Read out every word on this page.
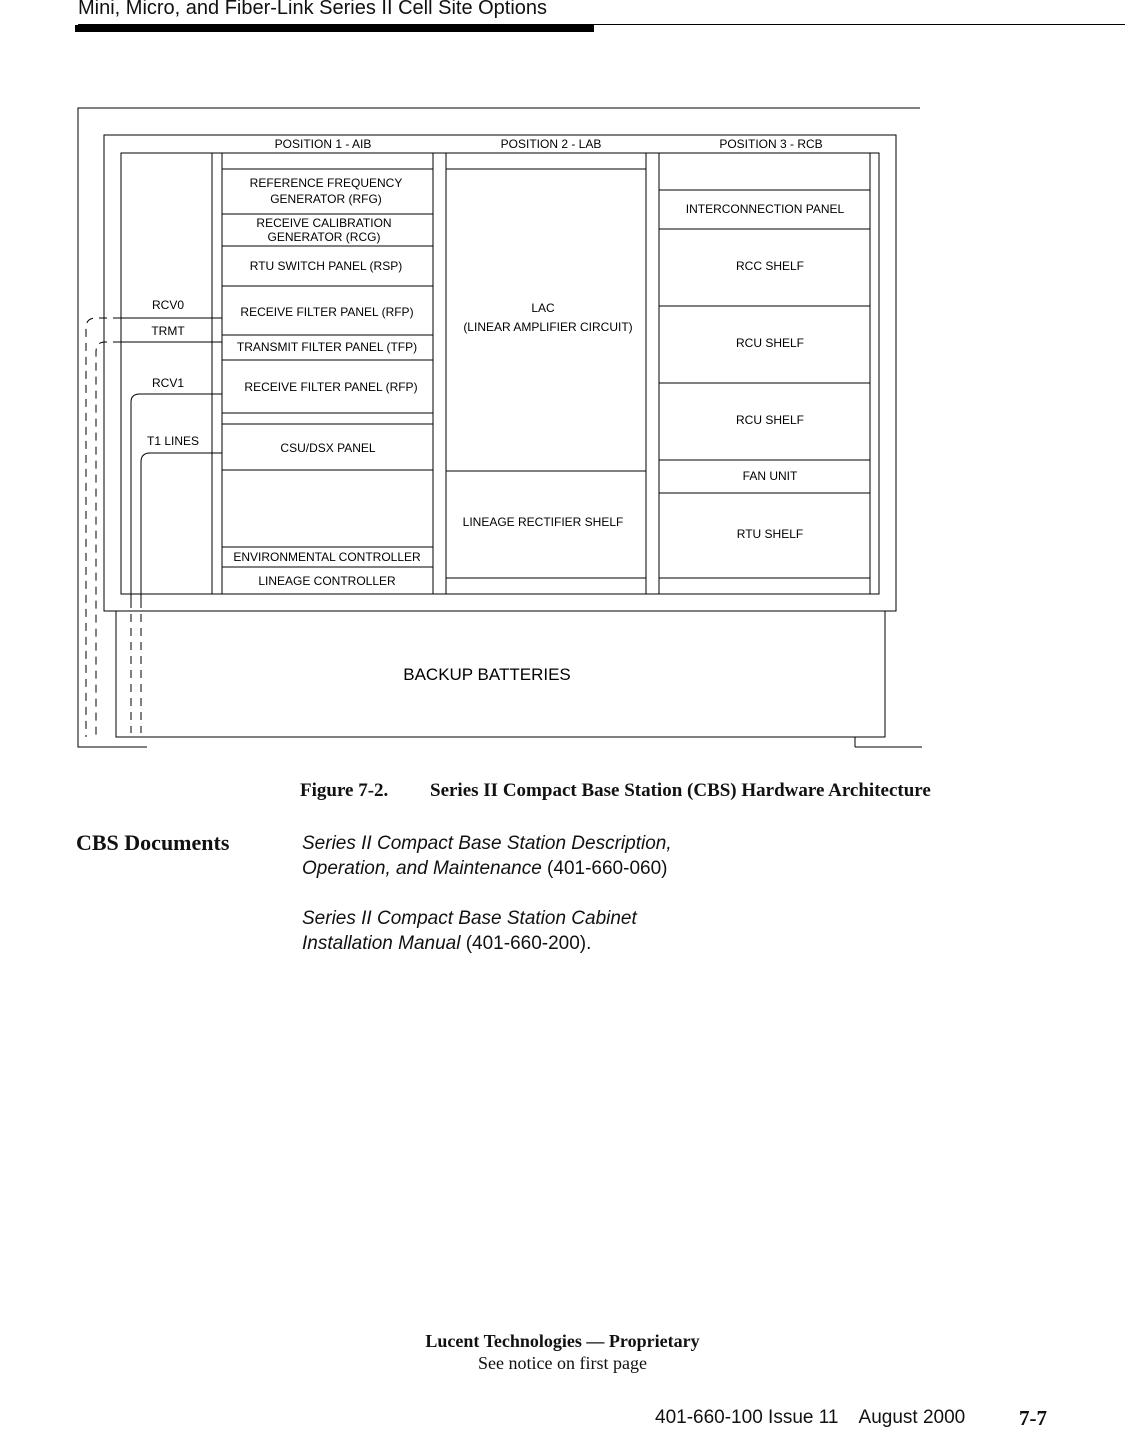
Mini, Micro, and Fiber-Link Series II Cell Site Options
POSITION 1 - AIB	POSITION 2 - LAB	POSITION 3 - RCB
RCV0
TRMT
RCV1
T1 LINES
REFERENCE FREQUENCY
GENERATOR (RFG)
RECEIVE CALIBRATION
GENERATOR (RCG)
RTU SWITCH PANEL (RSP)
RECEIVE FILTER PANEL (RFP)
TRANSMIT FILTER PANEL (TFP)
RECEIVE FILTER PANEL (RFP)
CSU/DSX PANEL
ENVIRONMENTAL CONTROLLER
LINEAGE CONTROLLER
LAC
(LINEAR AMPLIFIER CIRCUIT)
LINEAGE RECTIFIER SHELF
INTERCONNECTION PANEL
RCC SHELF
RCU SHELF
RCU SHELF
FAN UNIT
RTU SHELF
BACKUP BATTERIES
Figure 7-2. Series II Compact Base Station (CBS) Hardware Architecture
CBS Documents	Series II Compact Base Station Description,
Operation, and Maintenance (401-660-060)
Series II Compact Base Station Cabinet
Installation Manual (401-660-200).
Lucent Technologies — Proprietary
See notice on first page
401-660-100 Issue 11    August 2000	7-7
